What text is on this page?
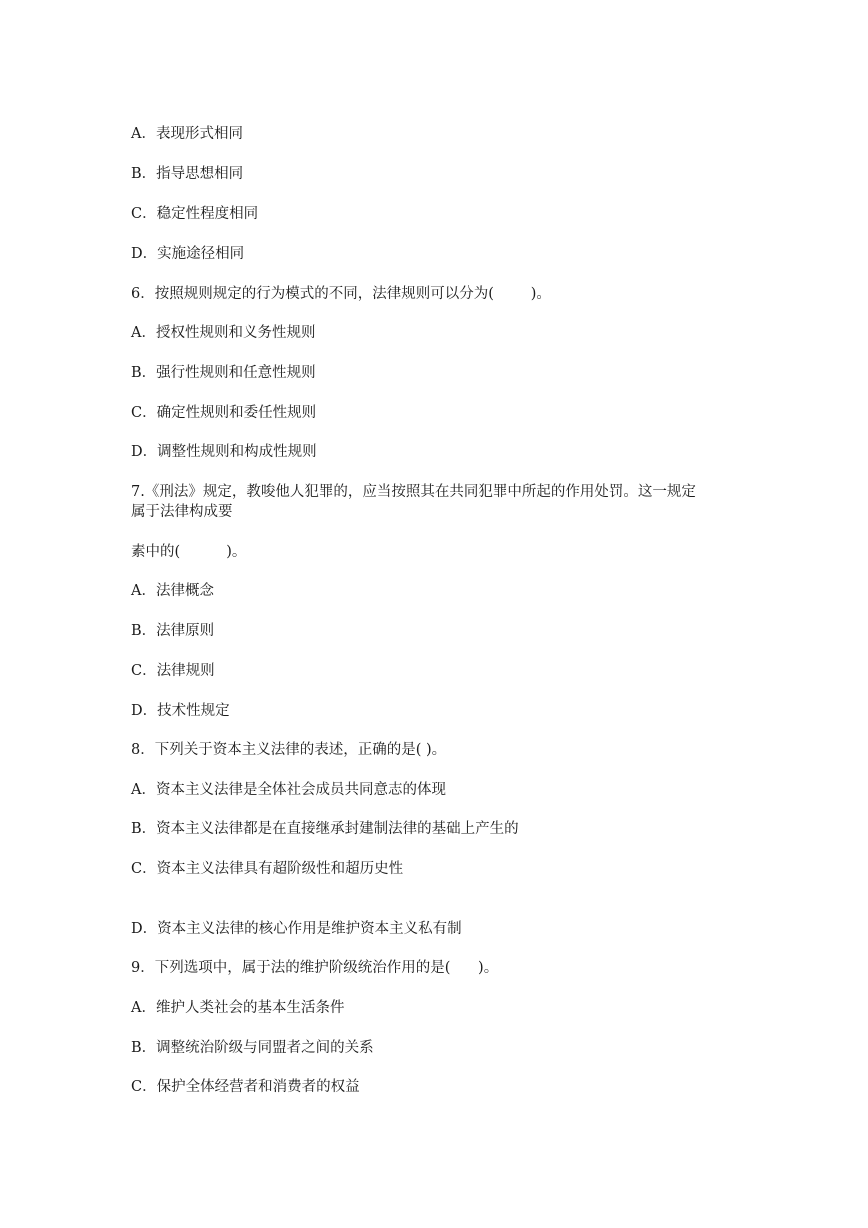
A．表现形式相同
B．指导思想相同
C．稳定性程度相同
D．实施途径相同
6．按照规则规定的行为模式的不同，法律规则可以分为(        )。
A．授权性规则和义务性规则
B．强行性规则和任意性规则
C．确定性规则和委任性规则
D．调整性规则和构成性规则
7.《刑法》规定，教唆他人犯罪的，应当按照其在共同犯罪中所起的作用处罚。这一规定
属于法律构成要
素中的(          )。
A．法律概念
B．法律原则
C．法律规则
D．技术性规定
8．下列关于资本主义法律的表述，正确的是( )。
A．资本主义法律是全体社会成员共同意志的体现
B．资本主义法律都是在直接继承封建制法律的基础上产生的
C．资本主义法律具有超阶级性和超历史性
D．资本主义法律的核心作用是维护资本主义私有制
9．下列选项中，属于法的维护阶级统治作用的是(      )。
A．维护人类社会的基本生活条件
B．调整统治阶级与同盟者之间的关系
C．保护全体经营者和消费者的权益
